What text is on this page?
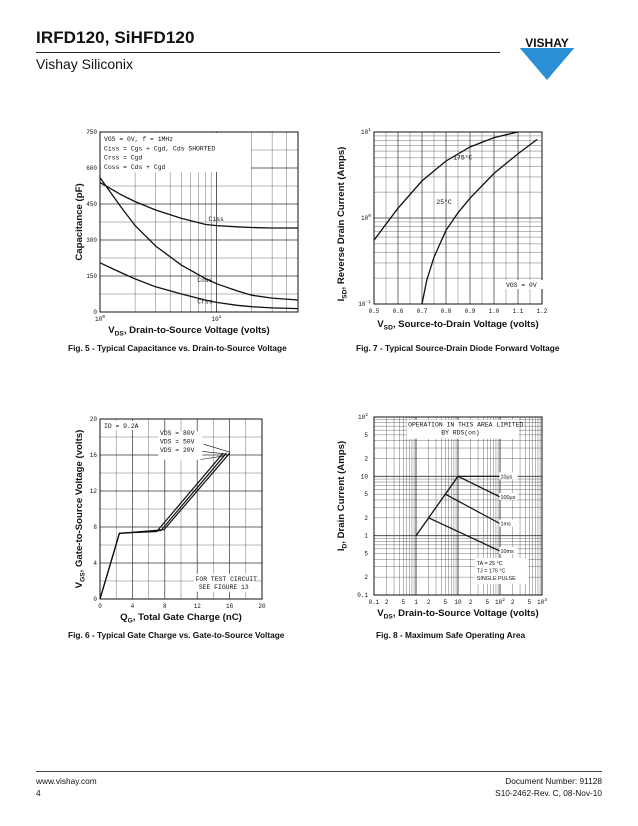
IRFD120, SiHFD120
Vishay Siliconix
VISHAY
0
150
300
450
600
750
$10^0$	$10^1$
VGS = 0V, f = 1MHz
Ciss = Cgs + Cgd, Cds SHORTED
Crss = Cgd
Coss = Cds + Cgd
Ciss
Coss
Crss
Capacitance (pF)
$V_{DS}$, Drain-to-Source Voltage (volts)
Fig. 5 - Typical Capacitance vs. Drain-to-Source Voltage
0.5 0.6 0.7 0.8 0.9 1.0 1.1 1.2
$10^{-1}$
$10^0$
$10^1$
175°C
25°C
VGS = 0V
$I_{SD}$, Reverse Drain Current (Amps)
$V_{SD}$, Source-to-Drain Voltage (volts)
Fig. 7 - Typical Source-Drain Diode Forward Voltage
0	4	8	12	16	20
0
4
8
12
16
20
ID = 9.2A
VDS = 80V
VDS = 50V
VDS = 20V
FOR TEST CIRCUIT
SEE FIGURE 13
$V_{GS}$, Gate-to-Source Voltage (volts)
$Q_G$, Total Gate Charge (nC)
Fig. 6 - Typical Gate Charge vs. Gate-to-Source Voltage
0.1 2 5 1 2 5 10 2 5 $10^2$ 2 5 $10^3$
0.1
2
5
1
2
5
10
2
5
$10^2$
OPERATION IN THIS AREA LIMITED
BY RDS(on)
10μs
100μs
1ms
10ms
TA = 25 °C
TJ = 175 °C
SINGLE PULSE
$I_D$, Drain Current (Amps)
$V_{DS}$, Drain-to-Source Voltage (volts)
Fig. 8 - Maximum Safe Operating Area
www.vishay.com
4
Document Number: 91128
S10-2462-Rev. C, 08-Nov-10
